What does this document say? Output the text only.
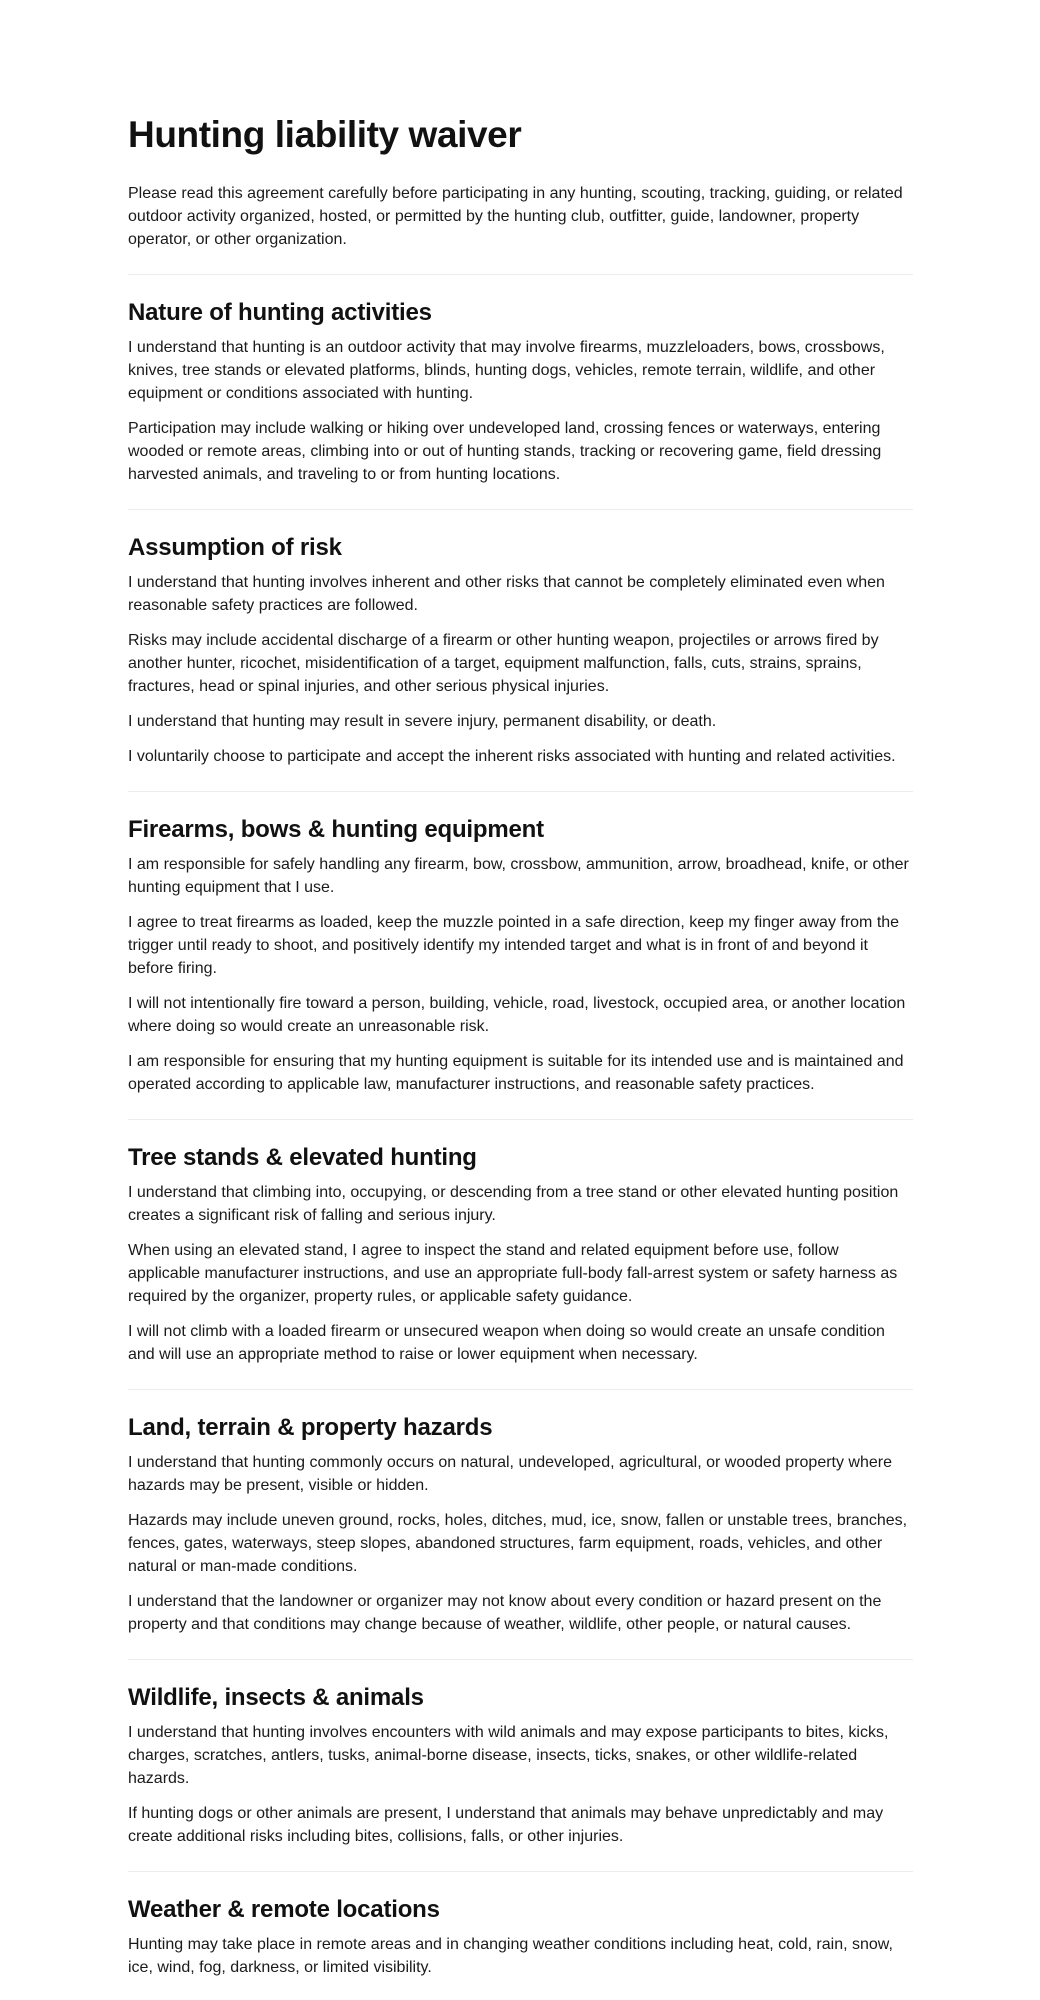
Hunting liability waiver

Please read this agreement carefully before participating in any hunting, scouting, tracking, guiding, or related outdoor activity organized, hosted, or permitted by the hunting club, outfitter, guide, landowner, property operator, or other organization.

Nature of hunting activities

I understand that hunting is an outdoor activity that may involve firearms, muzzleloaders, bows, crossbows, knives, tree stands or elevated platforms, blinds, hunting dogs, vehicles, remote terrain, wildlife, and other equipment or conditions associated with hunting.

Participation may include walking or hiking over undeveloped land, crossing fences or waterways, entering wooded or remote areas, climbing into or out of hunting stands, tracking or recovering game, field dressing harvested animals, and traveling to or from hunting locations.

Assumption of risk

I understand that hunting involves inherent and other risks that cannot be completely eliminated even when reasonable safety practices are followed.

Risks may include accidental discharge of a firearm or other hunting weapon, projectiles or arrows fired by another hunter, ricochet, misidentification of a target, equipment malfunction, falls, cuts, strains, sprains, fractures, head or spinal injuries, and other serious physical injuries.

I understand that hunting may result in severe injury, permanent disability, or death.

I voluntarily choose to participate and accept the inherent risks associated with hunting and related activities.

Firearms, bows & hunting equipment

I am responsible for safely handling any firearm, bow, crossbow, ammunition, arrow, broadhead, knife, or other hunting equipment that I use.

I agree to treat firearms as loaded, keep the muzzle pointed in a safe direction, keep my finger away from the trigger until ready to shoot, and positively identify my intended target and what is in front of and beyond it before firing.

I will not intentionally fire toward a person, building, vehicle, road, livestock, occupied area, or another location where doing so would create an unreasonable risk.

I am responsible for ensuring that my hunting equipment is suitable for its intended use and is maintained and operated according to applicable law, manufacturer instructions, and reasonable safety practices.

Tree stands & elevated hunting

I understand that climbing into, occupying, or descending from a tree stand or other elevated hunting position creates a significant risk of falling and serious injury.

When using an elevated stand, I agree to inspect the stand and related equipment before use, follow applicable manufacturer instructions, and use an appropriate full-body fall-arrest system or safety harness as required by the organizer, property rules, or applicable safety guidance.

I will not climb with a loaded firearm or unsecured weapon when doing so would create an unsafe condition and will use an appropriate method to raise or lower equipment when necessary.

Land, terrain & property hazards

I understand that hunting commonly occurs on natural, undeveloped, agricultural, or wooded property where hazards may be present, visible or hidden.

Hazards may include uneven ground, rocks, holes, ditches, mud, ice, snow, fallen or unstable trees, branches, fences, gates, waterways, steep slopes, abandoned structures, farm equipment, roads, vehicles, and other natural or man-made conditions.

I understand that the landowner or organizer may not know about every condition or hazard present on the property and that conditions may change because of weather, wildlife, other people, or natural causes.

Wildlife, insects & animals

I understand that hunting involves encounters with wild animals and may expose participants to bites, kicks, charges, scratches, antlers, tusks, animal-borne disease, insects, ticks, snakes, or other wildlife-related hazards.

If hunting dogs or other animals are present, I understand that animals may behave unpredictably and may create additional risks including bites, collisions, falls, or other injuries.

Weather & remote locations

Hunting may take place in remote areas and in changing weather conditions including heat, cold, rain, snow, ice, wind, fog, darkness, or limited visibility.
